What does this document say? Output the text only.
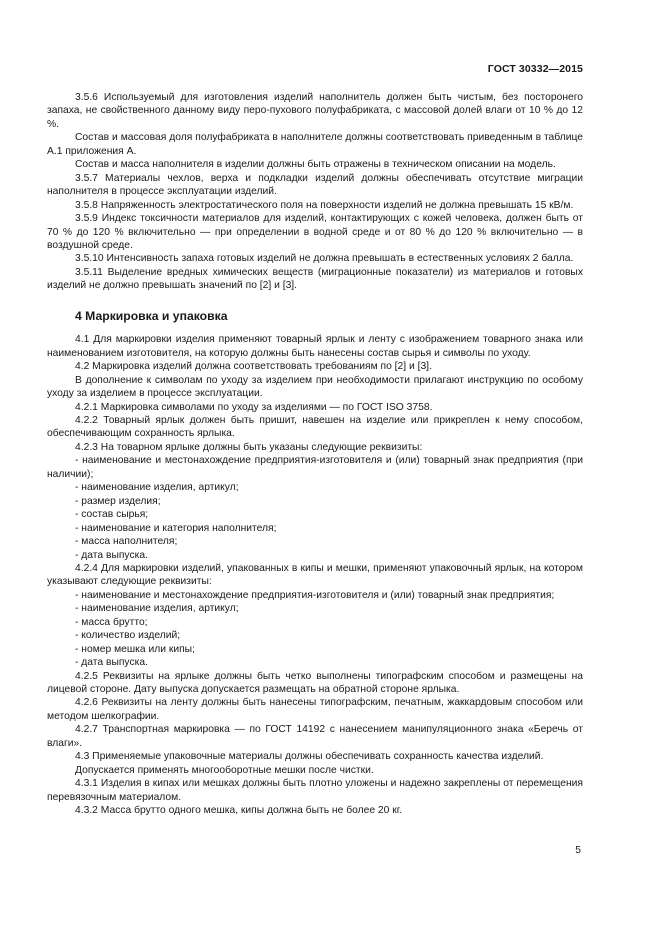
ГОСТ 30332—2015

3.5.6 Используемый для изготовления изделий наполнитель должен быть чистым, без посторонего запаха, не свойственного данному виду перо-пухового полуфабриката, с массовой долей влаги от 10 % до 12 %.

Состав и массовая доля полуфабриката в наполнителе должны соответствовать приведенным в таблице А.1 приложения А.

Состав и масса наполнителя в изделии должны быть отражены в техническом описании на модель.

3.5.7 Материалы чехлов, верха и подкладки изделий должны обеспечивать отсутствие миграции наполнителя в процессе эксплуатации изделий.

3.5.8 Напряженность электростатического поля на поверхности изделий не должна превышать 15 кВ/м.

3.5.9 Индекс токсичности материалов для изделий, контактирующих с кожей человека, должен быть от 70 % до 120 % включительно — при определении в водной среде и от 80 % до 120 % включительно — в воздушной среде.

3.5.10 Интенсивность запаха готовых изделий не должна превышать в естественных условиях 2 балла.

3.5.11 Выделение вредных химических веществ (миграционные показатели) из материалов и готовых изделий не должно превышать значений по [2] и [3].

4 Маркировка и упаковка

4.1 Для маркировки изделия применяют товарный ярлык и ленту с изображением товарного знака или наименованием изготовителя, на которую должны быть нанесены состав сырья и символы по уходу.

4.2 Маркировка изделий должна соответствовать требованиям по [2] и [3].

В дополнение к символам по уходу за изделием при необходимости прилагают инструкцию по особому уходу за изделием в процессе эксплуатации.

4.2.1 Маркировка символами по уходу за изделиями — по ГОСТ ISO 3758.

4.2.2 Товарный ярлык должен быть пришит, навешен на изделие или прикреплен к нему способом, обеспечивающим сохранность ярлыка.

4.2.3 На товарном ярлыке должны быть указаны следующие реквизиты:

- наименование и местонахождение предприятия-изготовителя и (или) товарный знак предприятия (при наличии);

- наименование изделия, артикул;

- размер изделия;

- состав сырья;

- наименование и категория наполнителя;

- масса наполнителя;

- дата выпуска.

4.2.4 Для маркировки изделий, упакованных в кипы и мешки, применяют упаковочный ярлык, на котором указывают следующие реквизиты:

- наименование и местонахождение предприятия-изготовителя и (или) товарный знак предприятия;

- наименование изделия, артикул;

- масса брутто;

- количество изделий;

- номер мешка или кипы;

- дата выпуска.

4.2.5 Реквизиты на ярлыке должны быть четко выполнены типографским способом и размещены на лицевой стороне. Дату выпуска допускается размещать на обратной стороне ярлыка.

4.2.6 Реквизиты на ленту должны быть нанесены типографским, печатным, жаккардовым способом или методом шелкографии.

4.2.7 Транспортная маркировка — по ГОСТ 14192 с нанесением манипуляционного знака «Беречь от влаги».

4.3 Применяемые упаковочные материалы должны обеспечивать сохранность качества изделий.

Допускается применять многооборотные мешки после чистки.

4.3.1 Изделия в кипах или мешках должны быть плотно уложены и надежно закреплены от перемещения перевязочным материалом.

4.3.2 Масса брутто одного мешка, кипы должна быть не более 20 кг.

5
